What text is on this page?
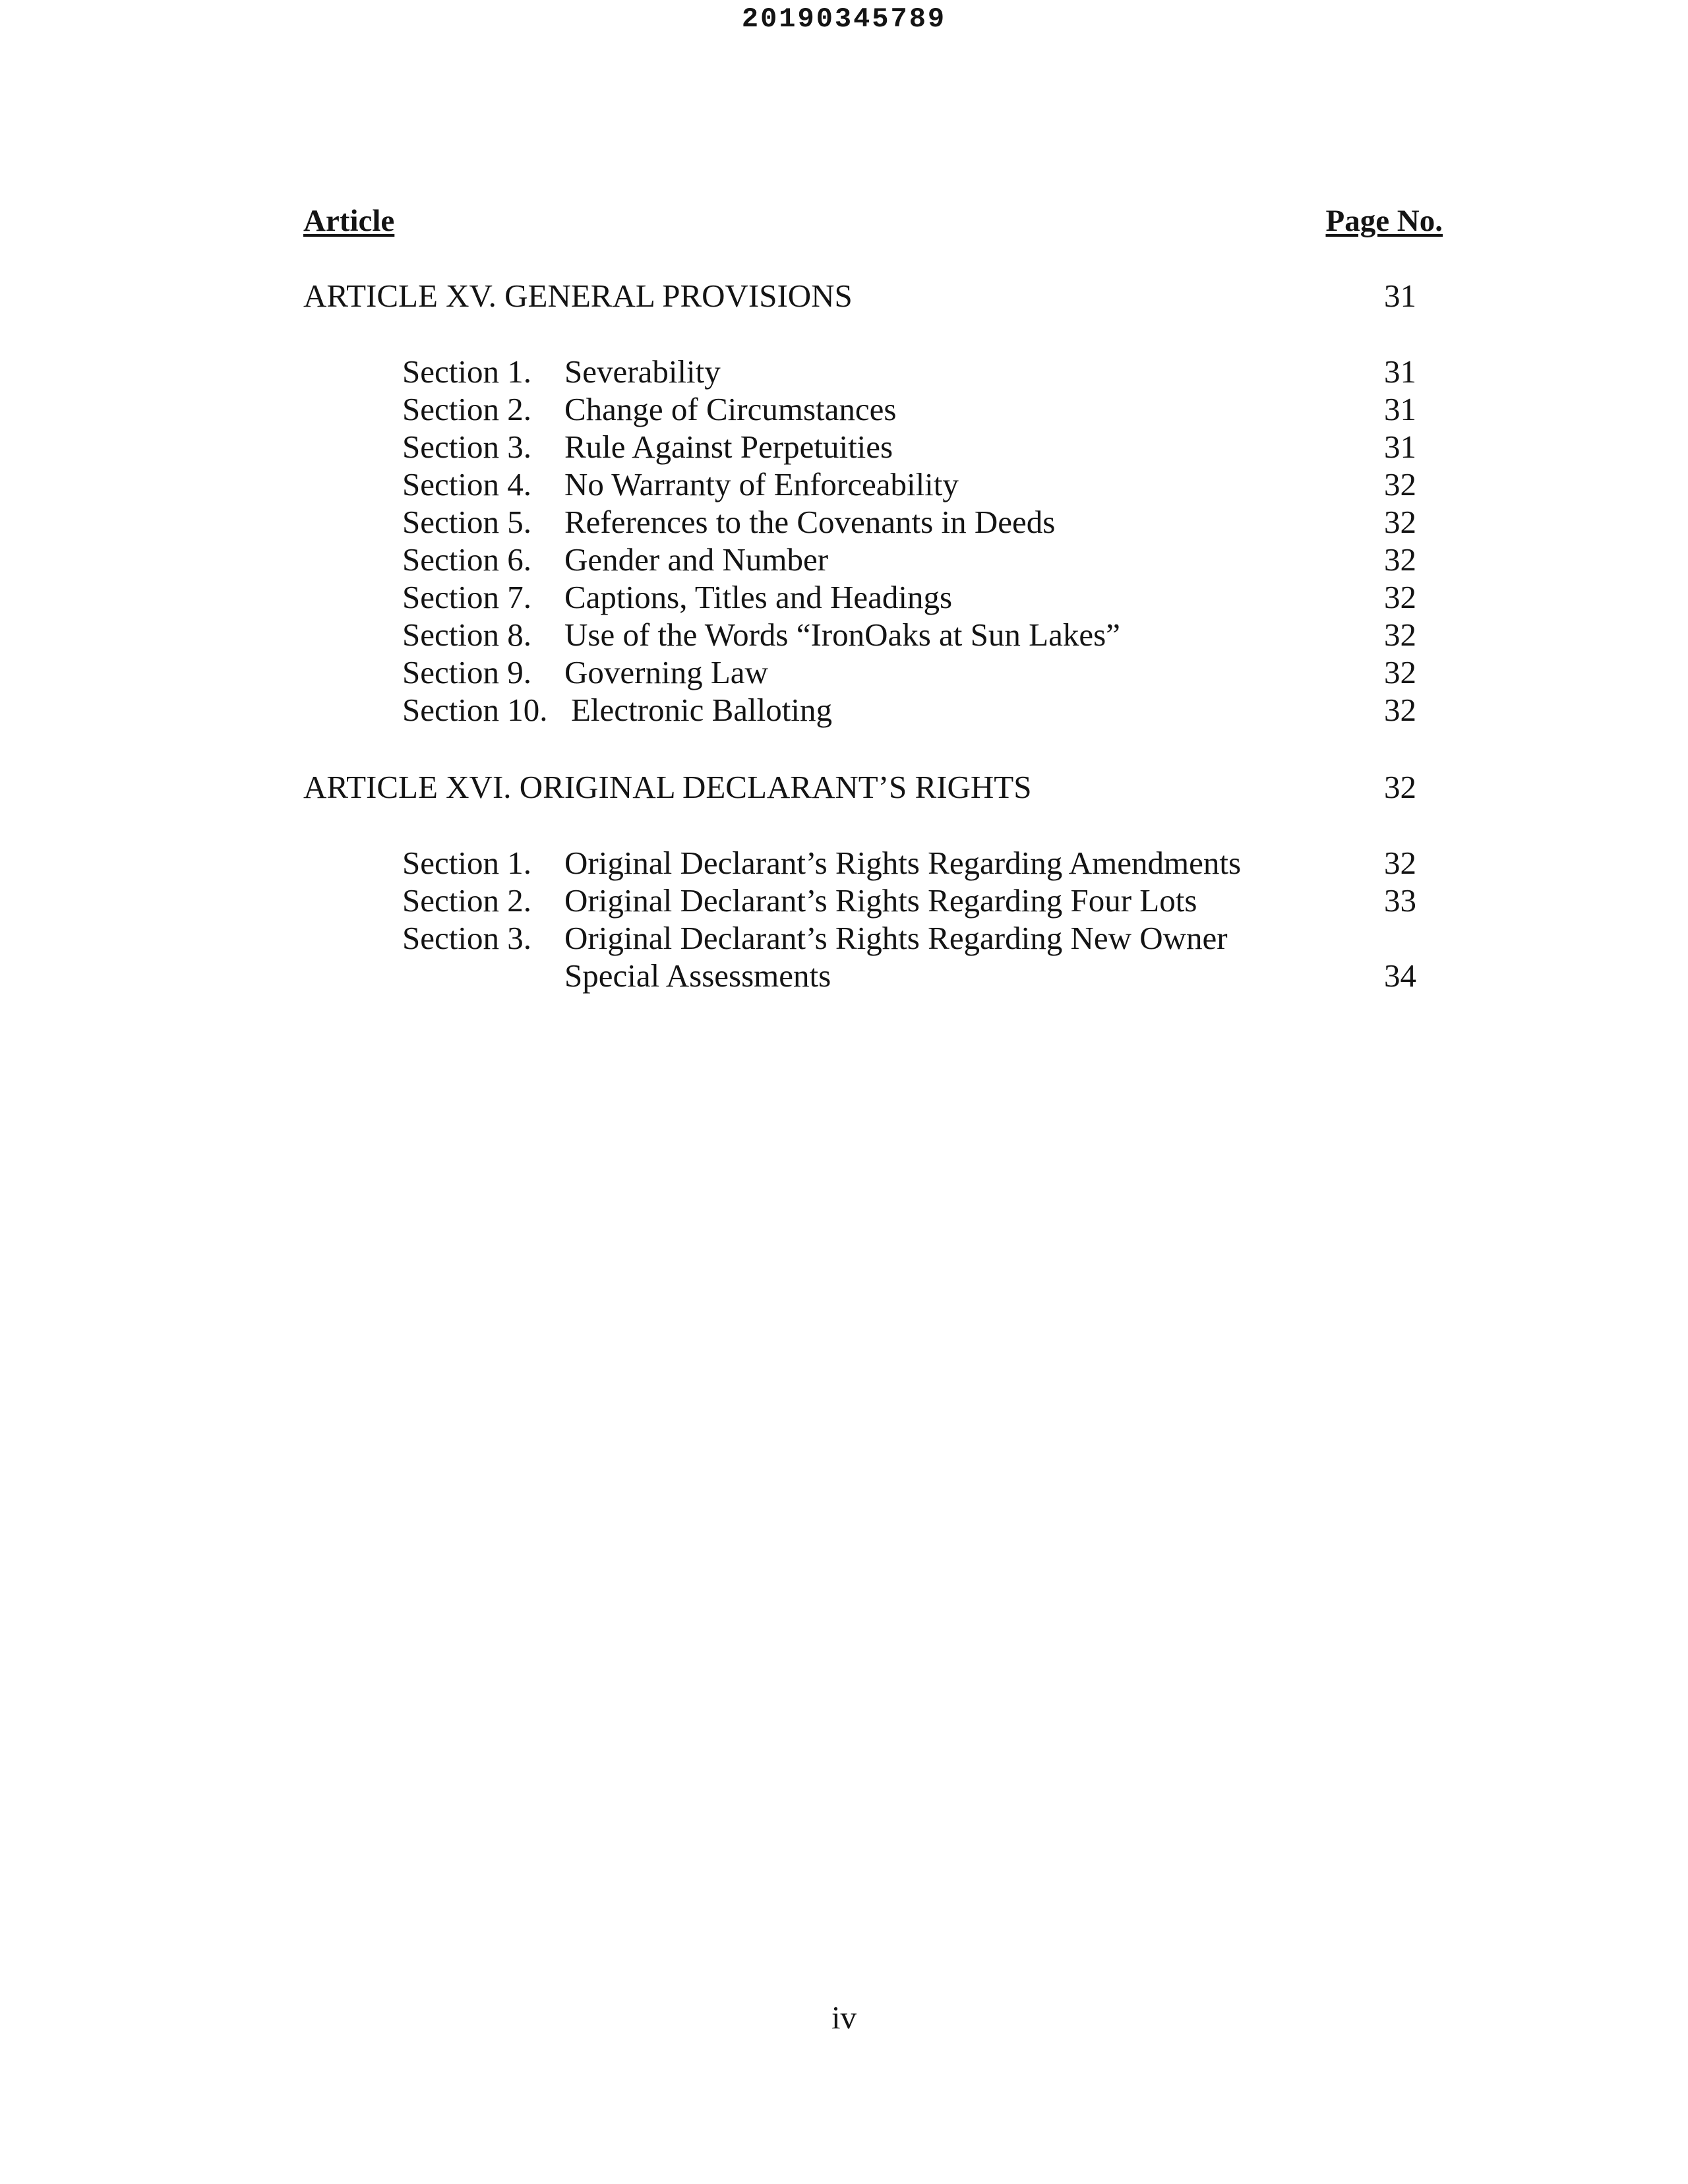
20190345789
Article	Page No.
ARTICLE XV. GENERAL PROVISIONS	31
Section 1. Severability	31
Section 2. Change of Circumstances	31
Section 3. Rule Against Perpetuities	31
Section 4. No Warranty of Enforceability	32
Section 5. References to the Covenants in Deeds	32
Section 6. Gender and Number	32
Section 7. Captions, Titles and Headings	32
Section 8. Use of the Words “IronOaks at Sun Lakes”	32
Section 9. Governing Law	32
Section 10. Electronic Balloting	32
ARTICLE XVI. ORIGINAL DECLARANT’S RIGHTS	32
Section 1. Original Declarant’s Rights Regarding Amendments	32
Section 2. Original Declarant’s Rights Regarding Four Lots	33
Section 3. Original Declarant’s Rights Regarding New Owner
Special Assessments	34
iv
